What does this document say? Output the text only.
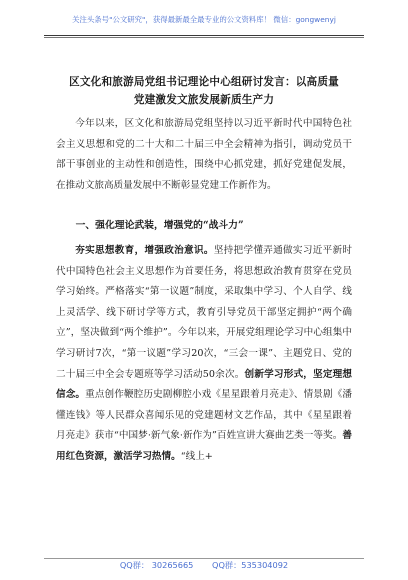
关注头条号"公文研究"，获得最新最全最专业的公文资料库！ 微信：gongwenyj
区文化和旅游局党组书记理论中心组研讨发言：以高质量
党建激发文旅发展新质生产力

今年以来，区文化和旅游局党组坚持以习近平新时代中国特色社会主义思想和党的二十大和二十届三中全会精神为指引，调动党员干部干事创业的主动性和创造性，围绕中心抓党建，抓好党建促发展，在推动文旅高质量发展中不断彰显党建工作新作为。

一、强化理论武装，增强党的“战斗力”

夯实思想教育，增强政治意识。坚持把学懂弄通做实习近平新时代中国特色社会主义思想作为首要任务，将思想政治教育贯穿在党员学习始终。严格落实“第一议题”制度，采取集中学习、个人自学、线上灵活学、线下研讨学等方式，教育引导党员干部坚定拥护“两个确立”，坚决做到“两个维护”。今年以来，开展党组理论学习中心组集中学习研讨7次，“第一议题”学习20次，“三会一课”、主题党日、党的二十届三中全会专题班等学习活动50余次。创新学习形式，坚定理想信念。重点创作鞭腔历史剧柳腔小戏《星星跟着月亮走》、情景剧《潘懂连钱》等人民群众喜闻乐见的党建题材文艺作品，其中《星星跟着月亮走》获市“中国梦·新气象·新作为”百姓宣讲大赛曲艺类一等奖。善用红色资源，激活学习热情。“线上+

QQ群： 30265665 QQ群：535304092
